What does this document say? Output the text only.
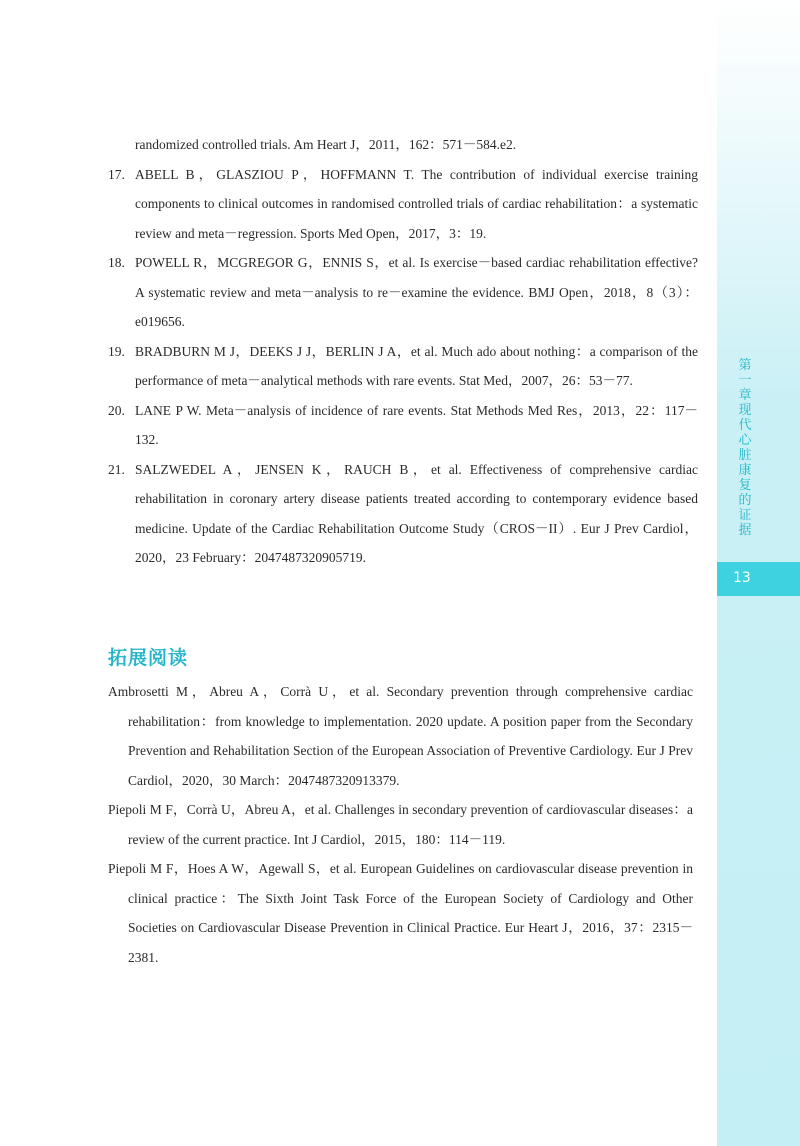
第一章 现代心脏康复的证据
13
randomized controlled trials. Am Heart J，2011，162：571－584.e2.
17. ABELL B，GLASZIOU P，HOFFMANN T. The contribution of individual exercise training components to clinical outcomes in randomised controlled trials of cardiac rehabilitation：a systematic review and meta－regression. Sports Med Open，2017，3：19.
18. POWELL R，MCGREGOR G，ENNIS S，et al. Is exercise－based cardiac rehabilitation effective? A systematic review and meta－analysis to re－examine the evidence. BMJ Open，2018，8（3）：e019656.
19. BRADBURN M J，DEEKS J J，BERLIN J A，et al. Much ado about nothing：a comparison of the performance of meta－analytical methods with rare events. Stat Med，2007，26：53－77.
20. LANE P W. Meta－analysis of incidence of rare events. Stat Methods Med Res，2013，22：117－132.
21. SALZWEDEL A，JENSEN K，RAUCH B，et al. Effectiveness of comprehensive cardiac rehabilitation in coronary artery disease patients treated according to contemporary evidence based medicine. Update of the Cardiac Rehabilitation Outcome Study（CROS－II）. Eur J Prev Cardiol，2020，23 February：2047487320905719.
拓展阅读
Ambrosetti M，Abreu A，Corrà U，et al. Secondary prevention through comprehensive cardiac rehabilitation：from knowledge to implementation. 2020 update. A position paper from the Secondary Prevention and Rehabilitation Section of the European Association of Preventive Cardiology. Eur J Prev Cardiol，2020，30 March：2047487320913379.
Piepoli M F，Corrà U，Abreu A，et al. Challenges in secondary prevention of cardiovascular diseases：a review of the current practice. Int J Cardiol，2015，180：114－119.
Piepoli M F，Hoes A W，Agewall S，et al. European Guidelines on cardiovascular disease prevention in clinical practice：The Sixth Joint Task Force of the European Society of Cardiology and Other Societies on Cardiovascular Disease Prevention in Clinical Practice. Eur Heart J，2016，37：2315－2381.
